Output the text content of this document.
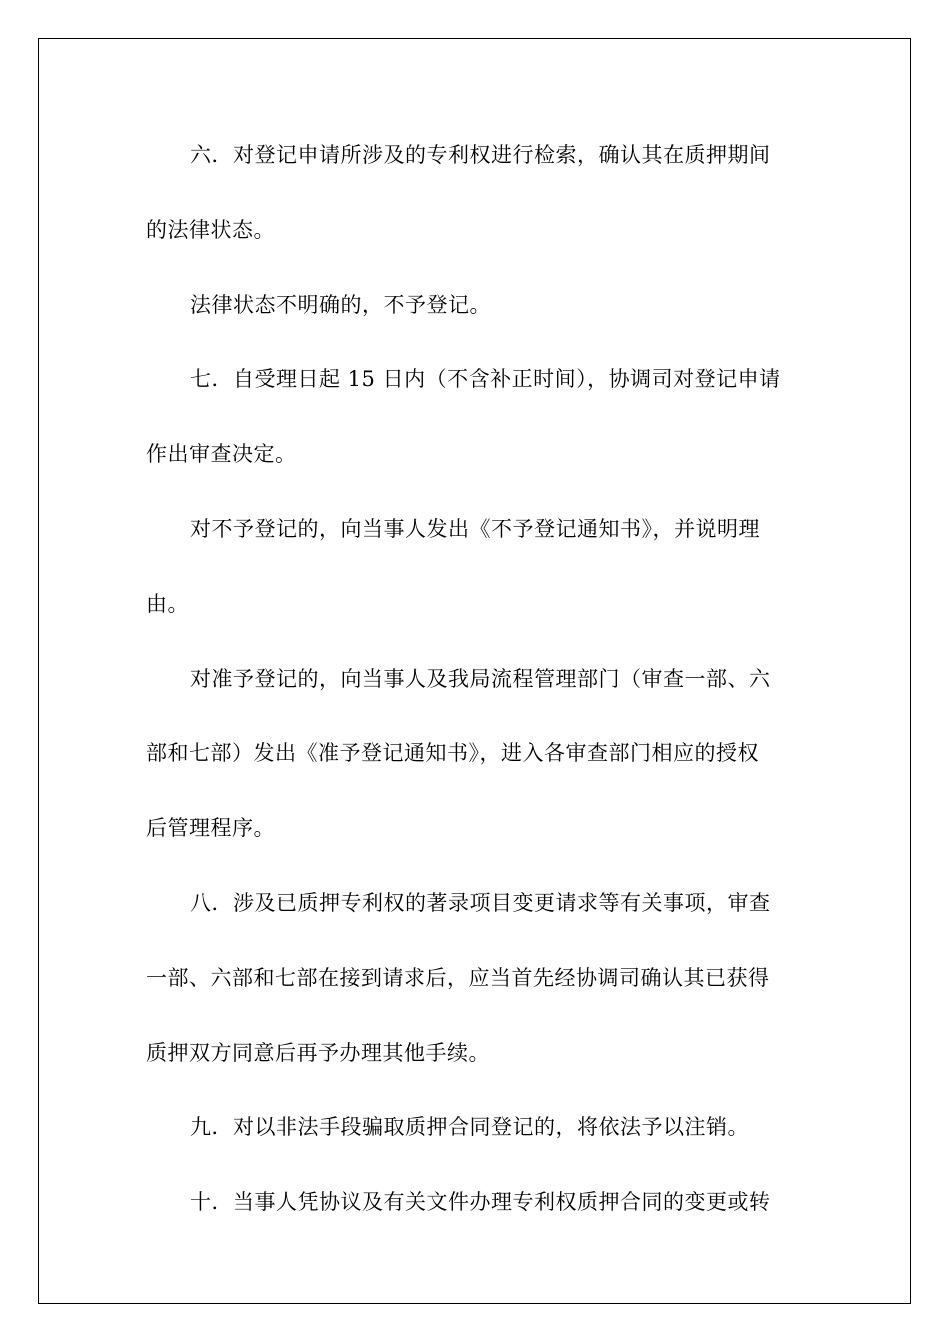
六．对登记申请所涉及的专利权进行检索，确认其在质押期间
的法律状态。

法律状态不明确的，不予登记。

七．自受理日起 15 日内（不含补正时间），协调司对登记申请
作出审查决定。

对不予登记的，向当事人发出《不予登记通知书》，并说明理
由。

对准予登记的，向当事人及我局流程管理部门（审查一部、六
部和七部）发出《准予登记通知书》，进入各审查部门相应的授权
后管理程序。

八．涉及已质押专利权的著录项目变更请求等有关事项，审查
一部、六部和七部在接到请求后，应当首先经协调司确认其已获得
质押双方同意后再予办理其他手续。

九．对以非法手段骗取质押合同登记的，将依法予以注销。

十．当事人凭协议及有关文件办理专利权质押合同的变更或转
